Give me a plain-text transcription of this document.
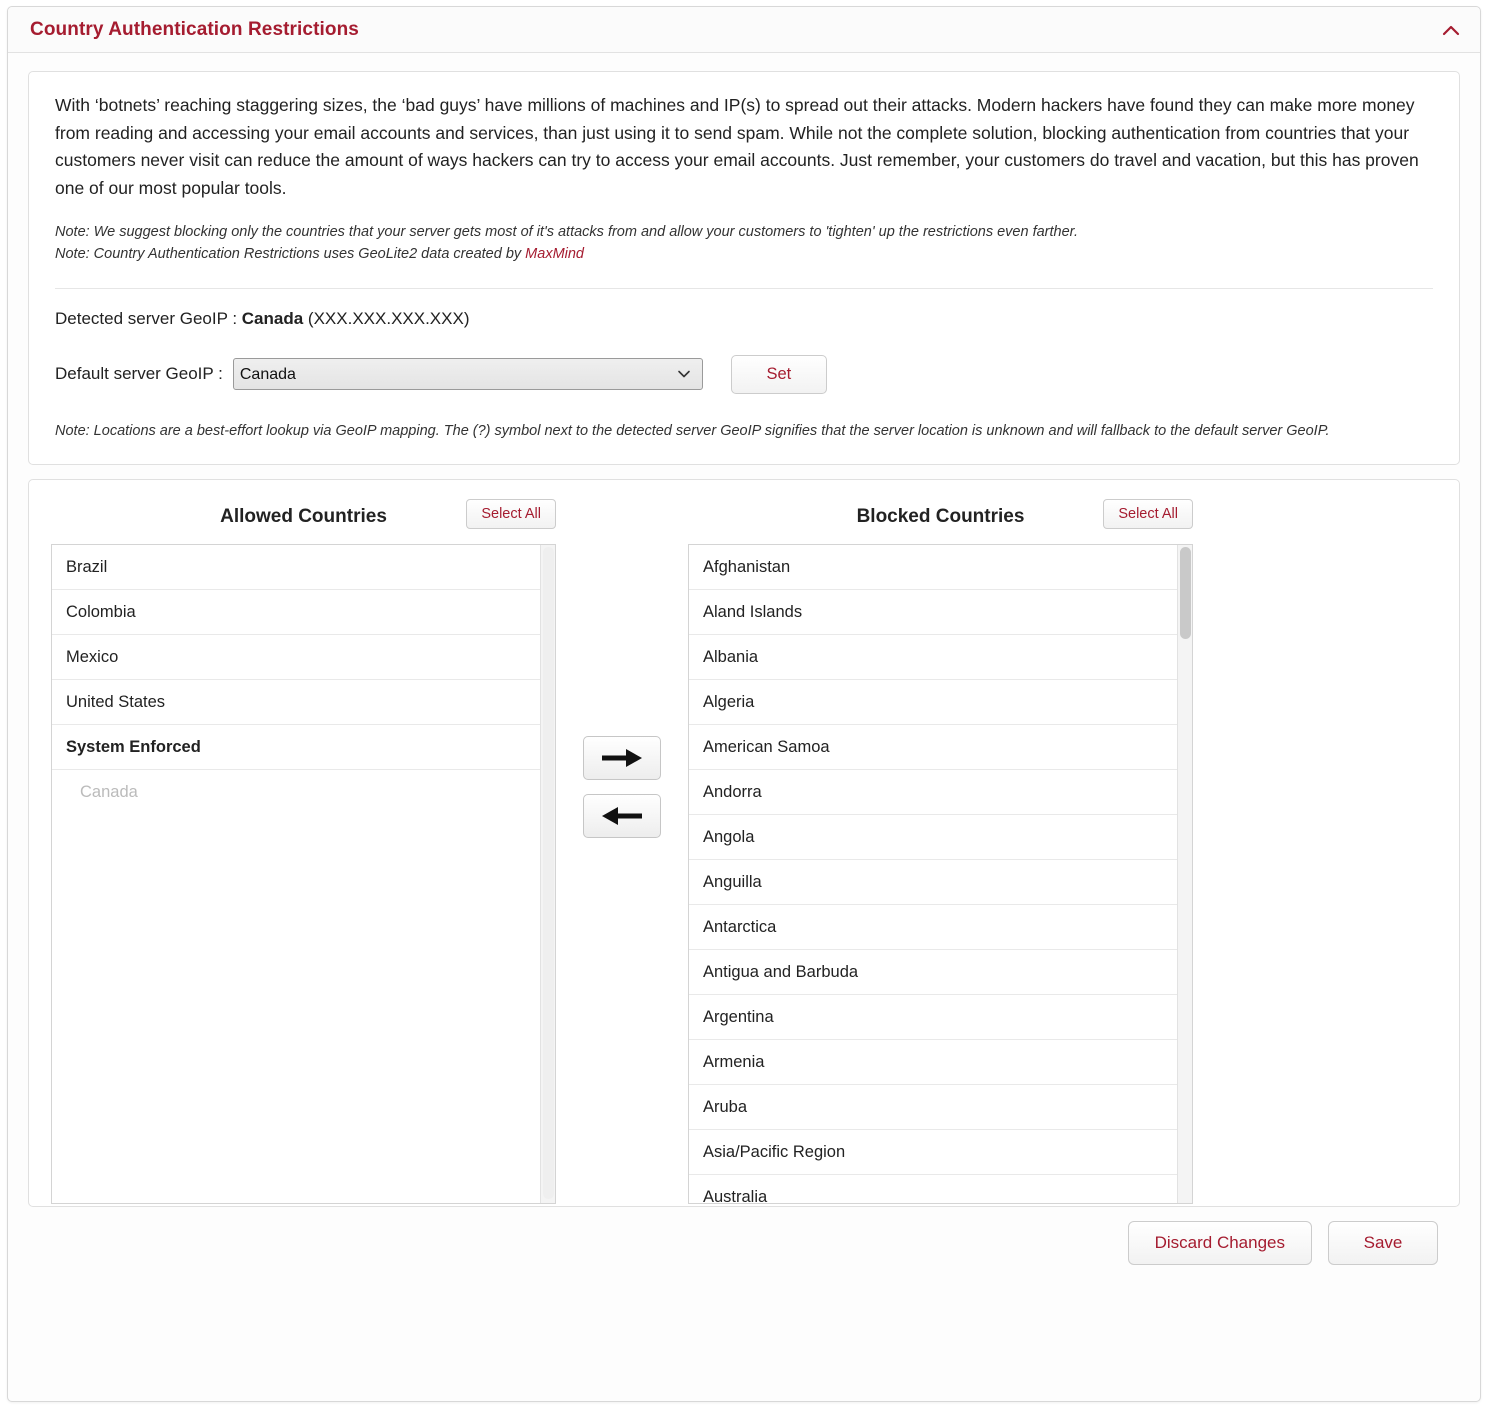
Country Authentication Restrictions

With ‘botnets’ reaching staggering sizes, the ‘bad guys’ have millions of machines and IP(s) to spread out their attacks. Modern hackers have found they can make more money from reading and accessing your email accounts and services, than just using it to send spam. While not the complete solution, blocking authentication from countries that your customers never visit can reduce the amount of ways hackers can try to access your email accounts. Just remember, your customers do travel and vacation, but this has proven one of our most popular tools.

Note: We suggest blocking only the countries that your server gets most of it's attacks from and allow your customers to 'tighten' up the restrictions even farther.

Note: Country Authentication Restrictions uses GeoLite2 data created by MaxMind

Detected server GeoIP : Canada (XXX.XXX.XXX.XXX)
Default server GeoIP :
Canada	Set

Note: Locations are a best-effort lookup via GeoIP mapping. The (?) symbol next to the detected server GeoIP signifies that the server location is unknown and will fallback to the default server GeoIP.

Allowed Countries	Select All
Brazil
Colombia
Mexico
United States
System Enforced
Canada
Blocked Countries	Select All
Afghanistan
Aland Islands
Albania
Algeria
American Samoa
Andorra
Angola
Anguilla
Antarctica
Antigua and Barbuda
Argentina
Armenia
Aruba
Asia/Pacific Region
Australia
Discard Changes	Save
